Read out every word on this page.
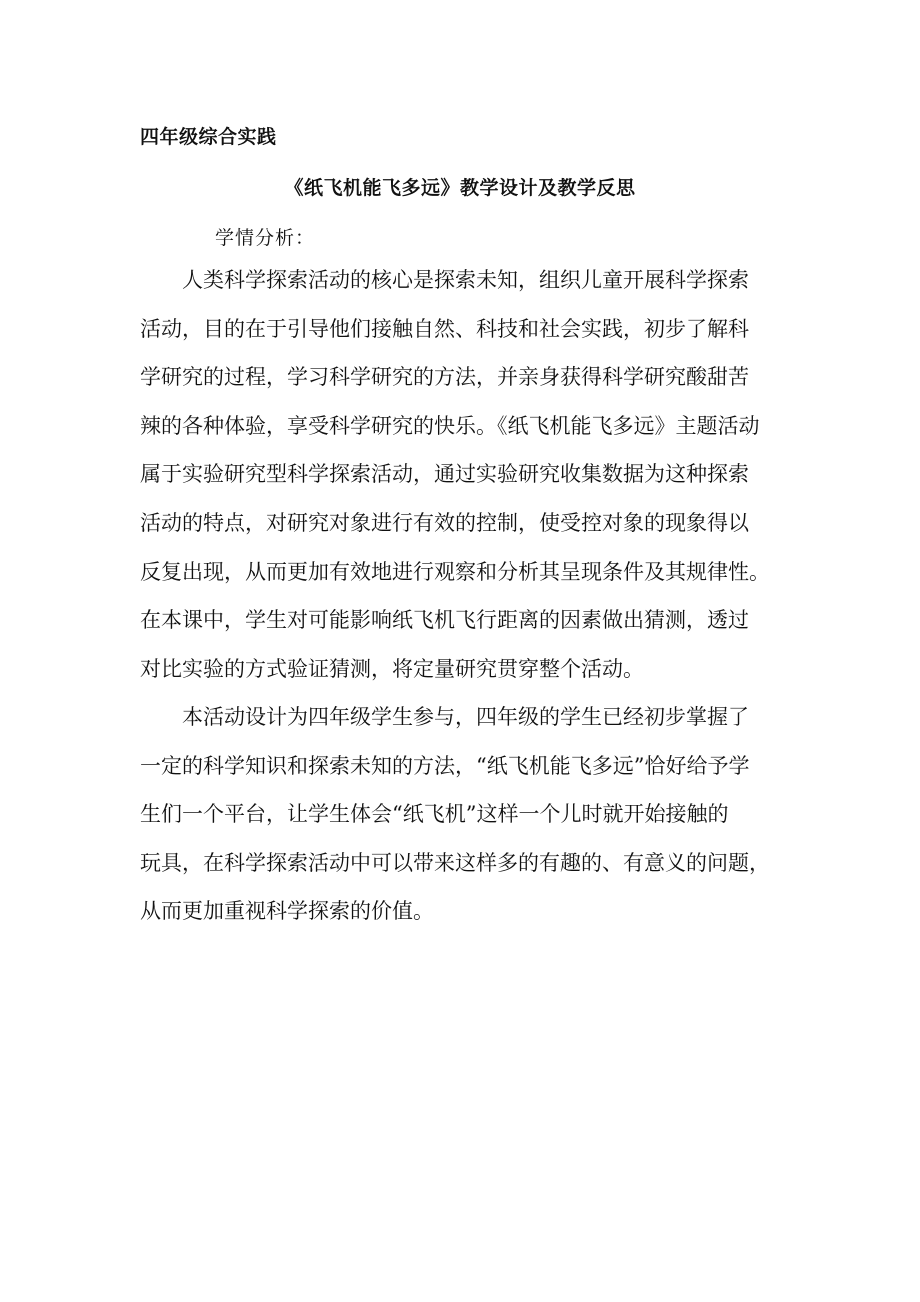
四年级综合实践
《纸飞机能飞多远》教学设计及教学反思
学情分析：
人类科学探索活动的核心是探索未知，组织儿童开展科学探索
活动，目的在于引导他们接触自然、科技和社会实践，初步了解科
学研究的过程，学习科学研究的方法，并亲身获得科学研究酸甜苦
辣的各种体验，享受科学研究的快乐。《纸飞机能飞多远》主题活动
属于实验研究型科学探索活动，通过实验研究收集数据为这种探索
活动的特点，对研究对象进行有效的控制，使受控对象的现象得以
反复出现，从而更加有效地进行观察和分析其呈现条件及其规律性。
在本课中，学生对可能影响纸飞机飞行距离的因素做出猜测，透过
对比实验的方式验证猜测，将定量研究贯穿整个活动。
本活动设计为四年级学生参与，四年级的学生已经初步掌握了
一定的科学知识和探索未知的方法，“纸飞机能飞多远”恰好给予学
生们一个平台，让学生体会“纸飞机”这样一个儿时就开始接触的
玩具，在科学探索活动中可以带来这样多的有趣的、有意义的问题，
从而更加重视科学探索的价值。
